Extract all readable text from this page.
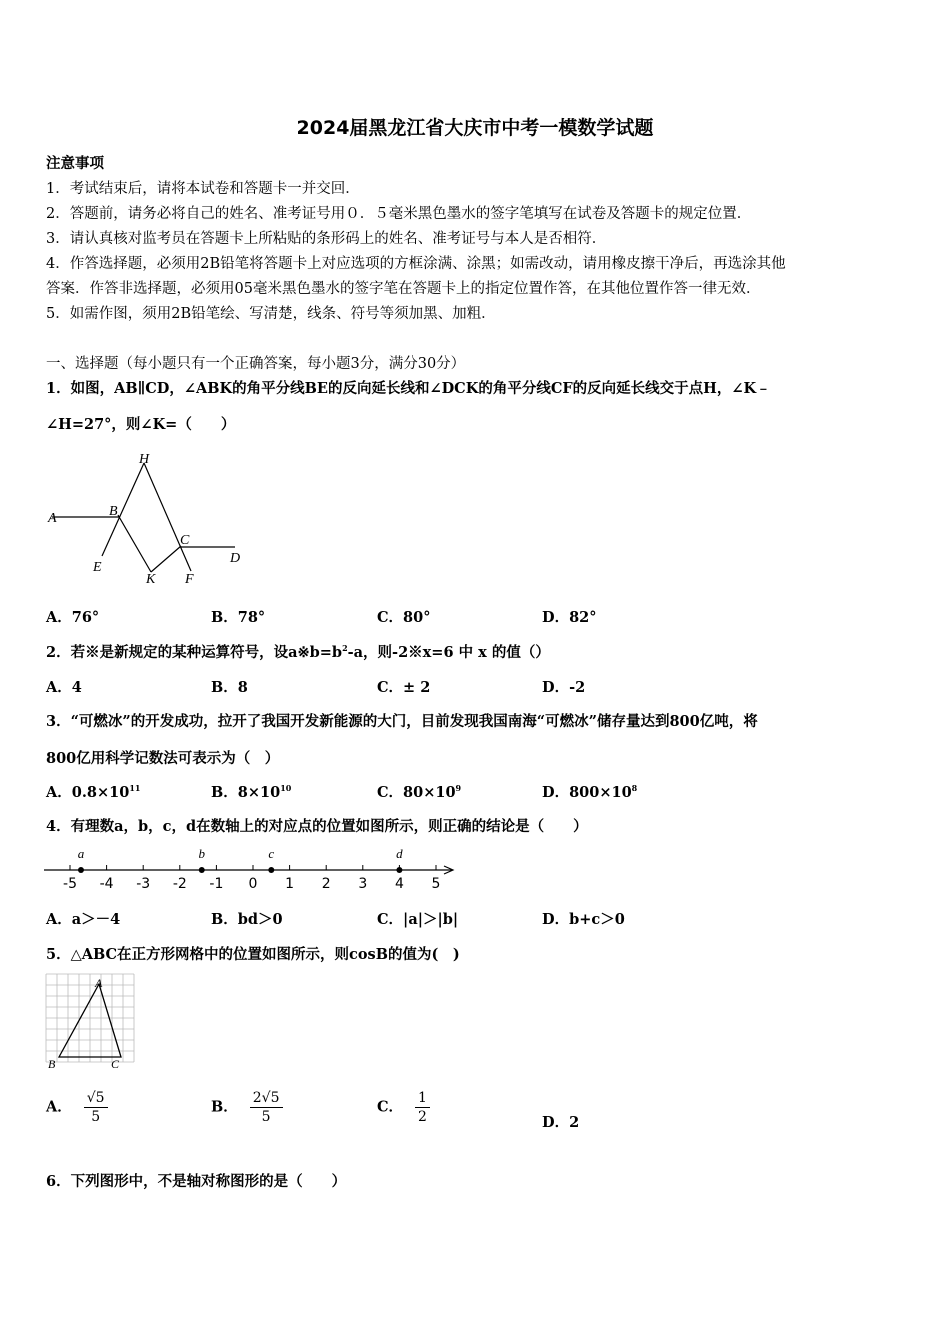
2024届黑龙江省大庆市中考一模数学试题
注意事项
1．考试结束后，请将本试卷和答题卡一并交回．
2．答题前，请务必将自己的姓名、准考证号用０．５毫米黑色墨水的签字笔填写在试卷及答题卡的规定位置．
3．请认真核对监考员在答题卡上所粘贴的条形码上的姓名、准考证号与本人是否相符．
4．作答选择题，必须用2B铅笔将答题卡上对应选项的方框涂满、涂黑；如需改动，请用橡皮擦干净后，再选涂其他
答案．作答非选择题，必须用05毫米黑色墨水的签字笔在答题卡上的指定位置作答，在其他位置作答一律无效．
5．如需作图，须用2B铅笔绘、写清楚，线条、符号等须加黑、加粗．
一、选择题（每小题只有一个正确答案，每小题3分，满分30分）
1．如图，AB∥CD，∠ABK的角平分线BE的反向延长线和∠DCK的角平分线CF的反向延长线交于点H，∠K﹣
∠H=27°，则∠K=（　　）
A
H
B
C
D
E
K F
A．76°	B．78°	C．80°	D．82°
2．若※是新规定的某种运算符号，设$a※b=b^2-a$，则-2※x=6 中 x 的值（）
A．4	B．8	C．± 2	D．-2
3．“可燃冰”的开发成功，拉开了我国开发新能源的大门，目前发现我国南海“可燃冰”储存量达到800亿吨，将
800亿用科学记数法可表示为（　）
A．$0.8\times 10^{11}$	B．$8\times 10^{10}$	C．$80\times 10^9$	D．$800\times 10^8$
4．有理数a，b，c，d在数轴上的对应点的位置如图所示，则正确的结论是（　　）
-5 -4 -3 -2 -1 0 1 2 3 4 5
a	b	c	d
A．a＞－4	B．bd＞0	C．|a|＞|b|	D．b+c＞0
5．△ABC在正方形网格中的位置如图所示，则cosB的值为(　)
A
B	C
A． $\frac{√5}{5}$	B． $\frac{2√5}{5}$	C． $\frac{1}{2}$	D．2
6．下列图形中，不是轴对称图形的是（　　）
